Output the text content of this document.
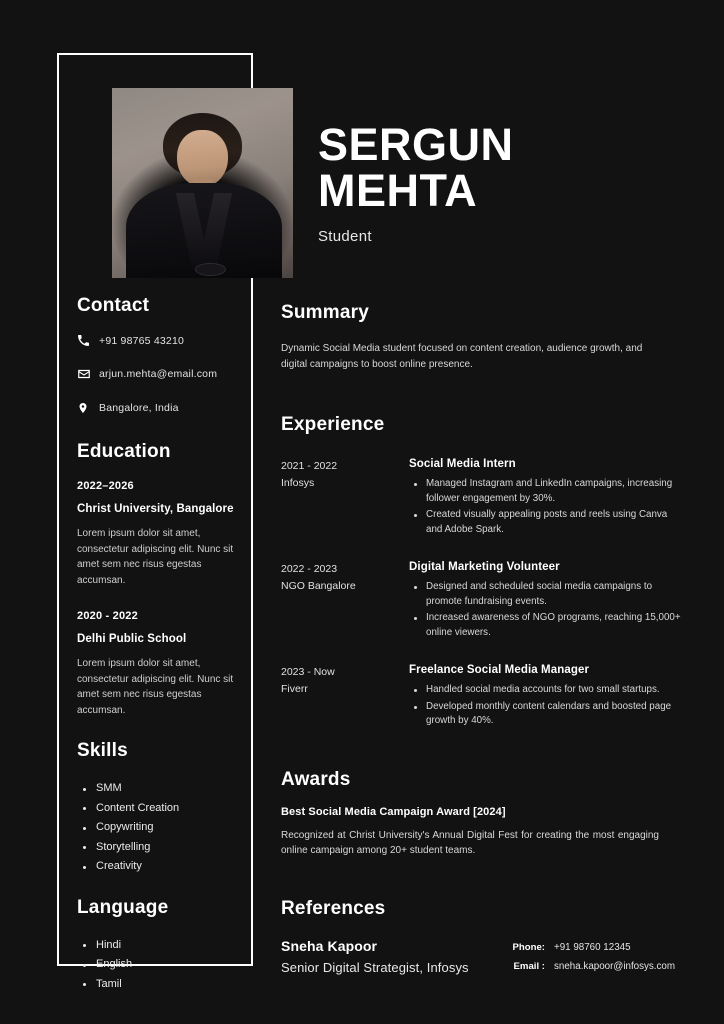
SERGUN
MEHTA
Student
Contact
+91 98765 43210
arjun.mehta@email.com
Bangalore, India
Education
2022–2026
Christ University, Bangalore
Lorem ipsum dolor sit amet, consectetur adipiscing elit. Nunc sit amet sem nec risus egestas accumsan.
2020 - 2022
Delhi Public School
Lorem ipsum dolor sit amet, consectetur adipiscing elit. Nunc sit amet sem nec risus egestas accumsan.
Skills
SMM
Content Creation
Copywriting
Storytelling
Creativity
Language
Hindi
English
Tamil
Summary
Dynamic Social Media student focused on content creation, audience growth, and digital campaigns to boost online presence.
Experience
2021 - 2022
Infosys
Social Media Intern
Managed Instagram and LinkedIn campaigns, increasing follower engagement by 30%.
Created visually appealing posts and reels using Canva and Adobe Spark.
2022 - 2023
NGO Bangalore
Digital Marketing Volunteer
Designed and scheduled social media campaigns to promote fundraising events.
Increased awareness of NGO programs, reaching 15,000+ online viewers.
2023 - Now
Fiverr
Freelance Social Media Manager
Handled social media accounts for two small startups.
Developed monthly content calendars and boosted page growth by 40%.
Awards
Best Social Media Campaign Award [2024]
Recognized at Christ University's Annual Digital Fest for creating the most engaging online campaign among 20+ student teams.
References
Sneha Kapoor
Senior Digital Strategist, Infosys
Phone: +91 98760 12345
Email : sneha.kapoor@infosys.com
